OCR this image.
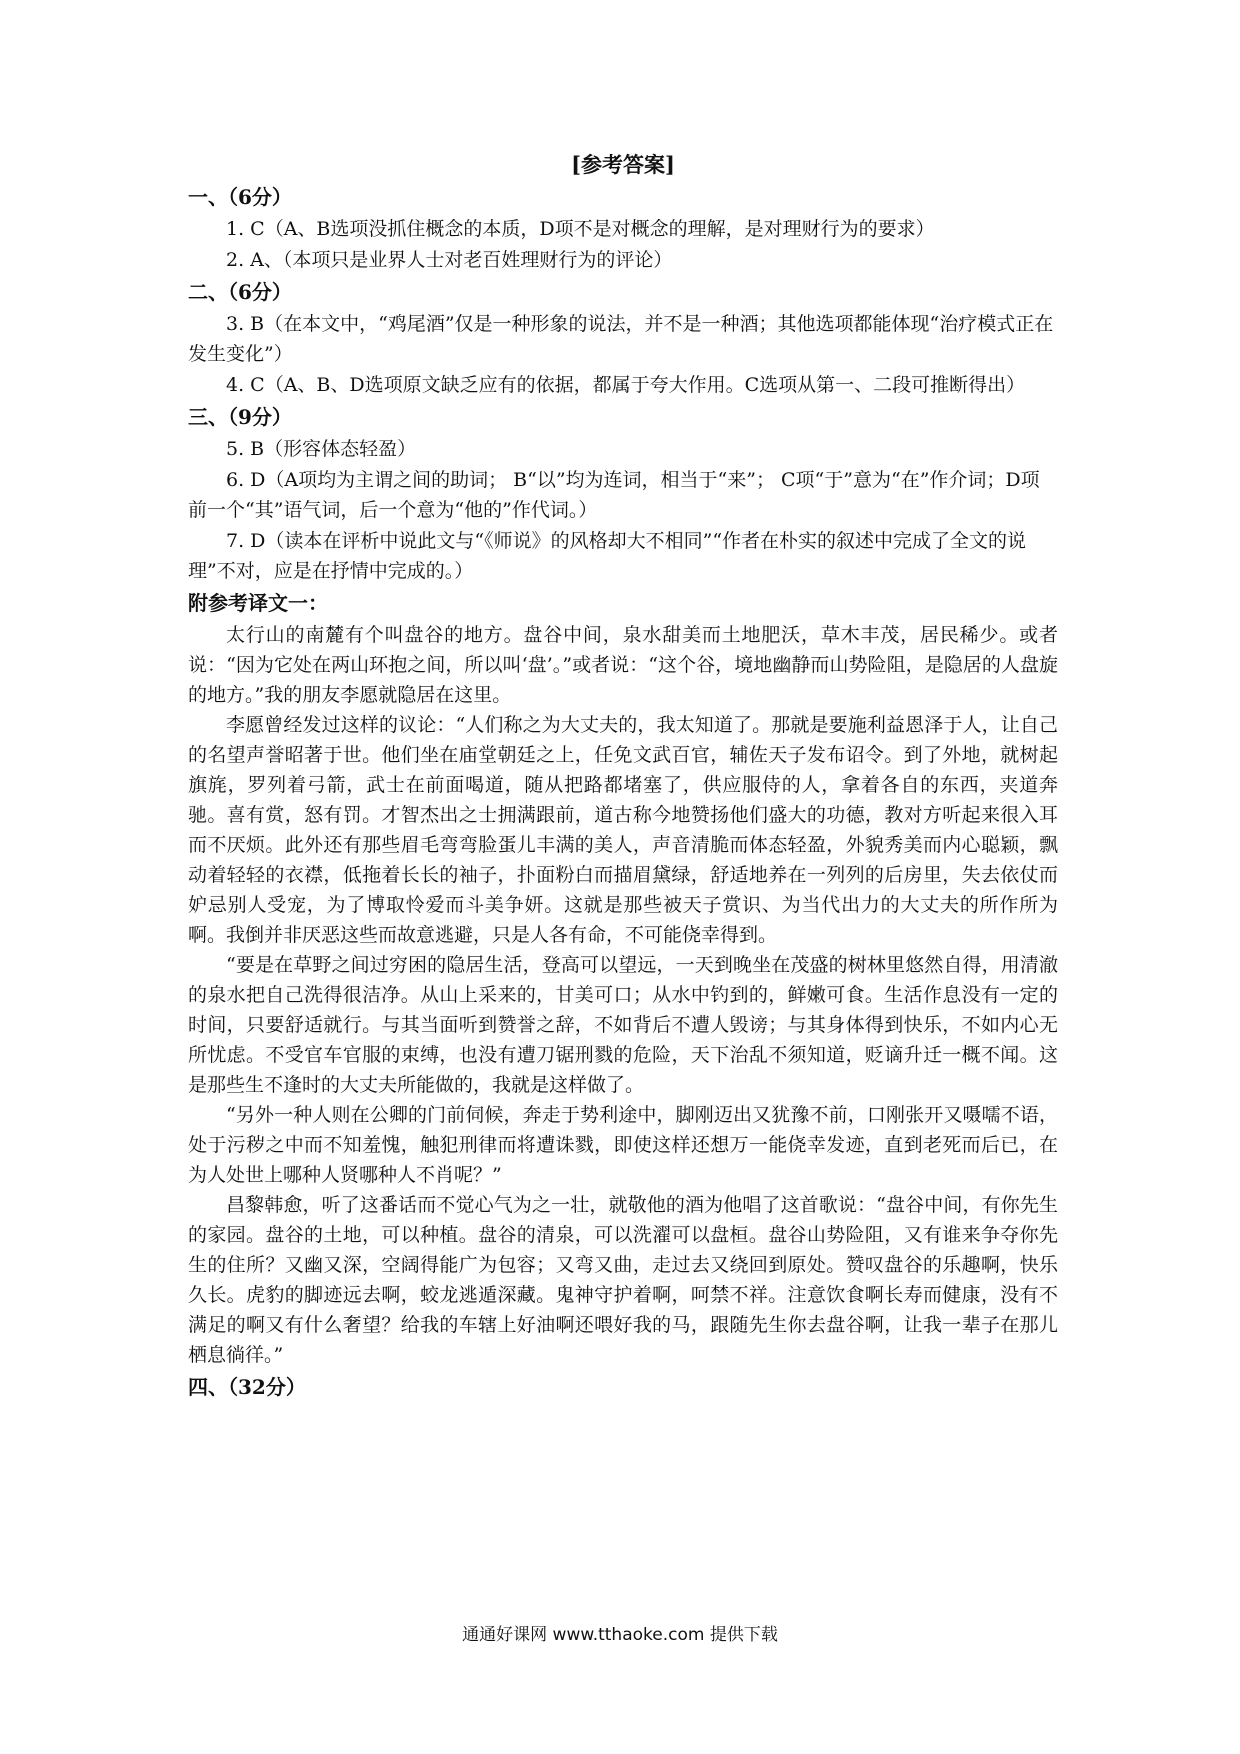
[参考答案]
一、（6分）
1. C（A、B选项没抓住概念的本质，D项不是对概念的理解，是对理财行为的要求）
2. A、（本项只是业界人士对老百姓理财行为的评论）
二、（6分）
3. B（在本文中，“鸡尾酒”仅是一种形象的说法，并不是一种酒；其他选项都能体现“治疗模式正在发生变化”）
4. C（A、B、D选项原文缺乏应有的依据，都属于夸大作用。C选项从第一、二段可推断得出）
三、（9分）
5. B（形容体态轻盈）
6. D（A项均为主谓之间的助词； B“以”均为连词，相当于“来”； C项“于”意为“在”作介词；D项前一个“其”语气词，后一个意为“他的”作代词。）
7. D（读本在评析中说此文与“《师说》的风格却大不相同”“作者在朴实的叙述中完成了全文的说理”不对，应是在抒情中完成的。）
附参考译文一：

太行山的南麓有个叫盘谷的地方。盘谷中间，泉水甜美而土地肥沃，草木丰茂，居民稀少。或者说：“因为它处在两山环抱之间，所以叫‘盘’。”或者说：“这个谷，境地幽静而山势险阻，是隐居的人盘旋的地方。”我的朋友李愿就隐居在这里。

李愿曾经发过这样的议论：“人们称之为大丈夫的，我太知道了。那就是要施利益恩泽于人，让自己的名望声誉昭著于世。他们坐在庙堂朝廷之上，任免文武百官，辅佐天子发布诏令。到了外地，就树起旗旄，罗列着弓箭，武士在前面喝道，随从把路都堵塞了，供应服侍的人，拿着各自的东西，夹道奔驰。喜有赏，怒有罚。才智杰出之士拥满跟前，道古称今地赞扬他们盛大的功德，教对方听起来很入耳而不厌烦。此外还有那些眉毛弯弯脸蛋儿丰满的美人，声音清脆而体态轻盈，外貌秀美而内心聪颖，飘动着轻轻的衣襟，低拖着长长的袖子，扑面粉白而描眉黛绿，舒适地养在一列列的后房里，失去依仗而妒忌别人受宠，为了博取怜爱而斗美争妍。这就是那些被天子赏识、为当代出力的大丈夫的所作所为啊。我倒并非厌恶这些而故意逃避，只是人各有命，不可能侥幸得到。

“要是在草野之间过穷困的隐居生活，登高可以望远，一天到晚坐在茂盛的树林里悠然自得，用清澈的泉水把自己洗得很洁净。从山上采来的，甘美可口；从水中钓到的，鲜嫩可食。生活作息没有一定的时间，只要舒适就行。与其当面听到赞誉之辞，不如背后不遭人毁谤；与其身体得到快乐，不如内心无所忧虑。不受官车官服的束缚，也没有遭刀锯刑戮的危险，天下治乱不须知道，贬谪升迁一概不闻。这是那些生不逢时的大丈夫所能做的，我就是这样做了。

“另外一种人则在公卿的门前伺候，奔走于势利途中，脚刚迈出又犹豫不前，口刚张开又嗫嚅不语，处于污秽之中而不知羞愧，触犯刑律而将遭诛戮，即使这样还想万一能侥幸发迹，直到老死而后已，在为人处世上哪种人贤哪种人不肖呢？”

昌黎韩愈，听了这番话而不觉心气为之一壮，就敬他的酒为他唱了这首歌说：“盘谷中间，有你先生的家园。盘谷的土地，可以种植。盘谷的清泉，可以洗濯可以盘桓。盘谷山势险阻，又有谁来争夺你先生的住所？又幽又深，空阔得能广为包容；又弯又曲，走过去又绕回到原处。赞叹盘谷的乐趣啊，快乐久长。虎豹的脚迹远去啊，蛟龙逃遁深藏。鬼神守护着啊，呵禁不祥。注意饮食啊长寿而健康，没有不满足的啊又有什么奢望？给我的车辖上好油啊还喂好我的马，跟随先生你去盘谷啊，让我一辈子在那儿栖息徜徉。”

四、（32分）
通通好课网 www.tthaoke.com 提供下载
